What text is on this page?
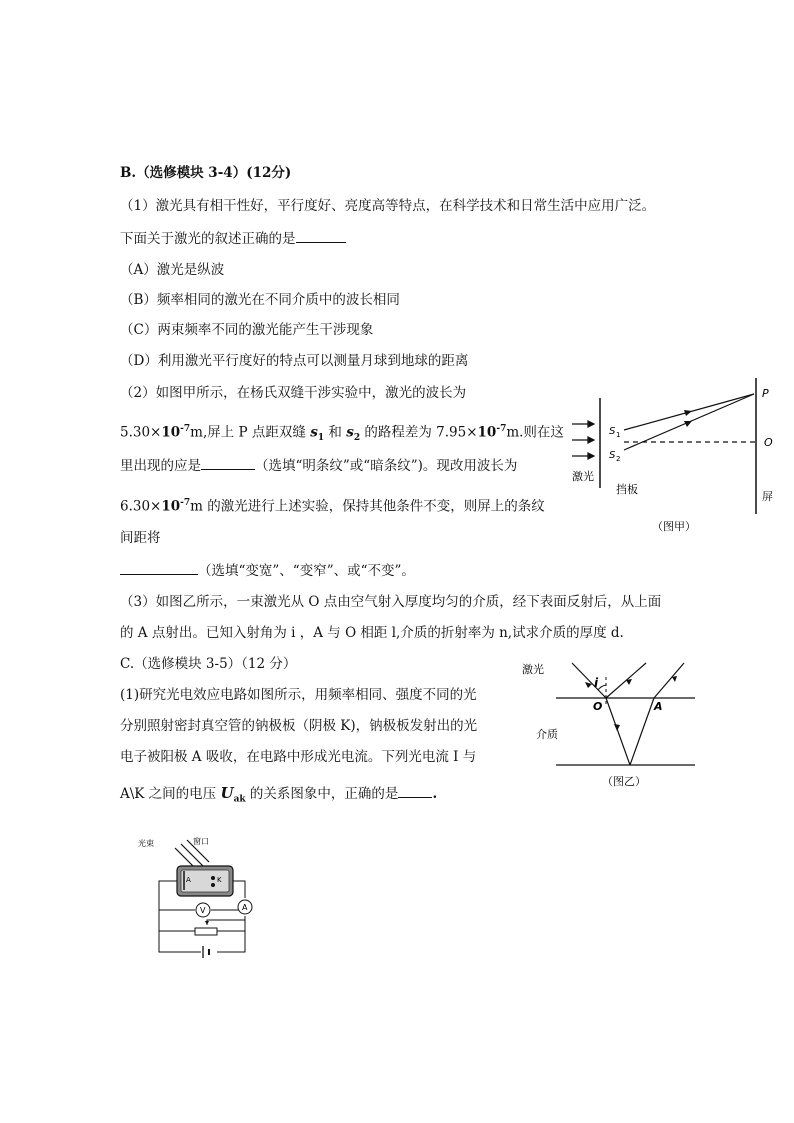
B.（选修模块 3-4）(12分)
（1）激光具有相干性好，平行度好、亮度高等特点，在科学技术和日常生活中应用广泛。
下面关于激光的叙述正确的是
（A）激光是纵波
（B）频率相同的激光在不同介质中的波长相同
（C）两束频率不同的激光能产生干涉现象
（D）利用激光平行度好的特点可以测量月球到地球的距离
（2）如图甲所示，在杨氏双缝干涉实验中，激光的波长为
$5.30\times 10^{-7}m$,屏上 P 点距双缝 $s_1$ 和 $s_2$ 的路程差为 $7.95\times 10^{-7}m$.则在这
里出现的应是	（选填“明条纹”或“暗条纹”)。现改用波长为
$6.30\times 10^{-7}m$ 的激光进行上述实验，保持其他条件不变，则屏上的条纹
间距将
（选填“变宽”、“变窄”、或“不变”。
（3）如图乙所示，一束激光从 O 点由空气射入厚度均匀的介质，经下表面反射后，从上面
的 A 点射出。已知入射角为 i ，A 与 O 相距 l,介质的折射率为 n,试求介质的厚度 d.
C.（选修模块 3-5）（12 分）
(1)研究光电效应电路如图所示，用频率相同、强度不同的光
分别照射密封真空管的钠极板（阴极 K)，钠极板发射出的光
电子被阳极 A 吸收，在电路中形成光电流。下列光电流 I 与
A\K 之间的电压 $U_{ak}$ 的关系图象中，正确的是	.
P
O
S 1
S 2
激光
挡板
屏
（图甲）
激光
i
O	A
介质
（图乙）
光束	窗口
A	K
V	A
